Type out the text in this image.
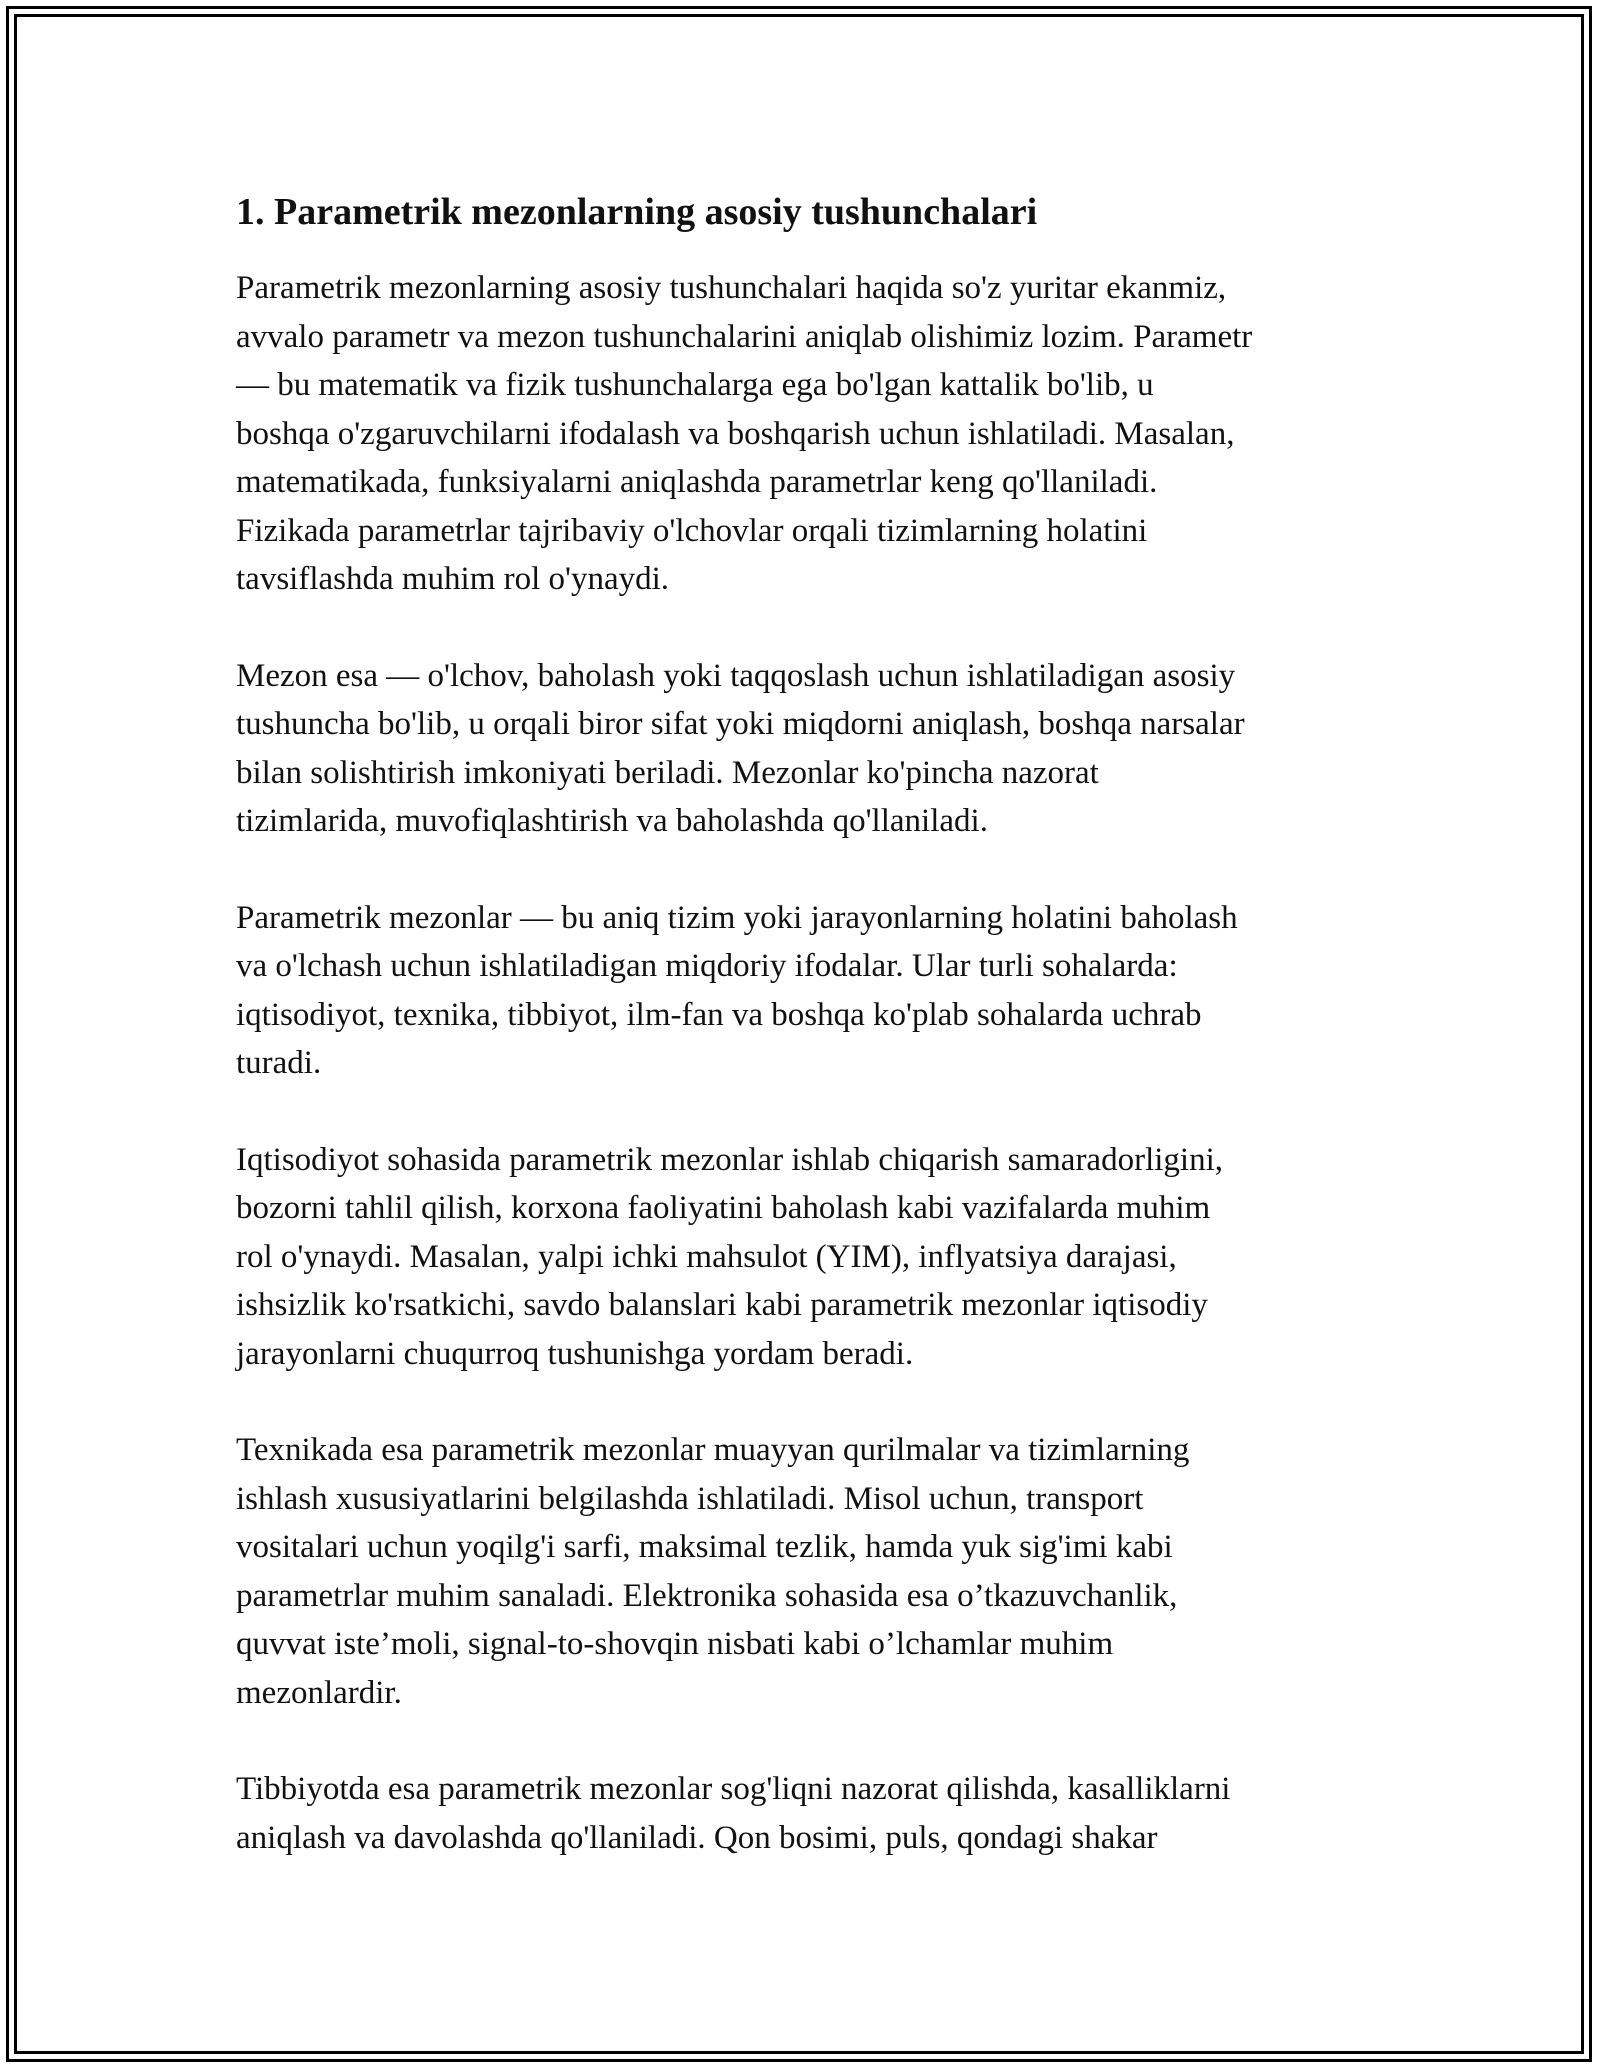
1. Parametrik mezonlarning asosiy tushunchalari

Parametrik mezonlarning asosiy tushunchalari haqida so'z yuritar ekanmiz,
avvalo parametr va mezon tushunchalarini aniqlab olishimiz lozim. Parametr
— bu matematik va fizik tushunchalarga ega bo'lgan kattalik bo'lib, u
boshqa o'zgaruvchilarni ifodalash va boshqarish uchun ishlatiladi. Masalan,
matematikada, funksiyalarni aniqlashda parametrlar keng qo'llaniladi.
Fizikada parametrlar tajribaviy o'lchovlar orqali tizimlarning holatini
tavsiflashda muhim rol o'ynaydi.

Mezon esa — o'lchov, baholash yoki taqqoslash uchun ishlatiladigan asosiy
tushuncha bo'lib, u orqali biror sifat yoki miqdorni aniqlash, boshqa narsalar
bilan solishtirish imkoniyati beriladi. Mezonlar ko'pincha nazorat
tizimlarida, muvofiqlashtirish va baholashda qo'llaniladi.

Parametrik mezonlar — bu aniq tizim yoki jarayonlarning holatini baholash
va o'lchash uchun ishlatiladigan miqdoriy ifodalar. Ular turli sohalarda:
iqtisodiyot, texnika, tibbiyot, ilm-fan va boshqa ko'plab sohalarda uchrab
turadi.

Iqtisodiyot sohasida parametrik mezonlar ishlab chiqarish samaradorligini,
bozorni tahlil qilish, korxona faoliyatini baholash kabi vazifalarda muhim
rol o'ynaydi. Masalan, yalpi ichki mahsulot (YIM), inflyatsiya darajasi,
ishsizlik ko'rsatkichi, savdo balanslari kabi parametrik mezonlar iqtisodiy
jarayonlarni chuqurroq tushunishga yordam beradi.

Texnikada esa parametrik mezonlar muayyan qurilmalar va tizimlarning
ishlash xususiyatlarini belgilashda ishlatiladi. Misol uchun, transport
vositalari uchun yoqilg'i sarfi, maksimal tezlik, hamda yuk sig'imi kabi
parametrlar muhim sanaladi. Elektronika sohasida esa o’tkazuvchanlik,
quvvat iste’moli, signal-to-shovqin nisbati kabi o’lchamlar muhim
mezonlardir.

Tibbiyotda esa parametrik mezonlar sog'liqni nazorat qilishda, kasalliklarni
aniqlash va davolashda qo'llaniladi. Qon bosimi, puls, qondagi shakar
